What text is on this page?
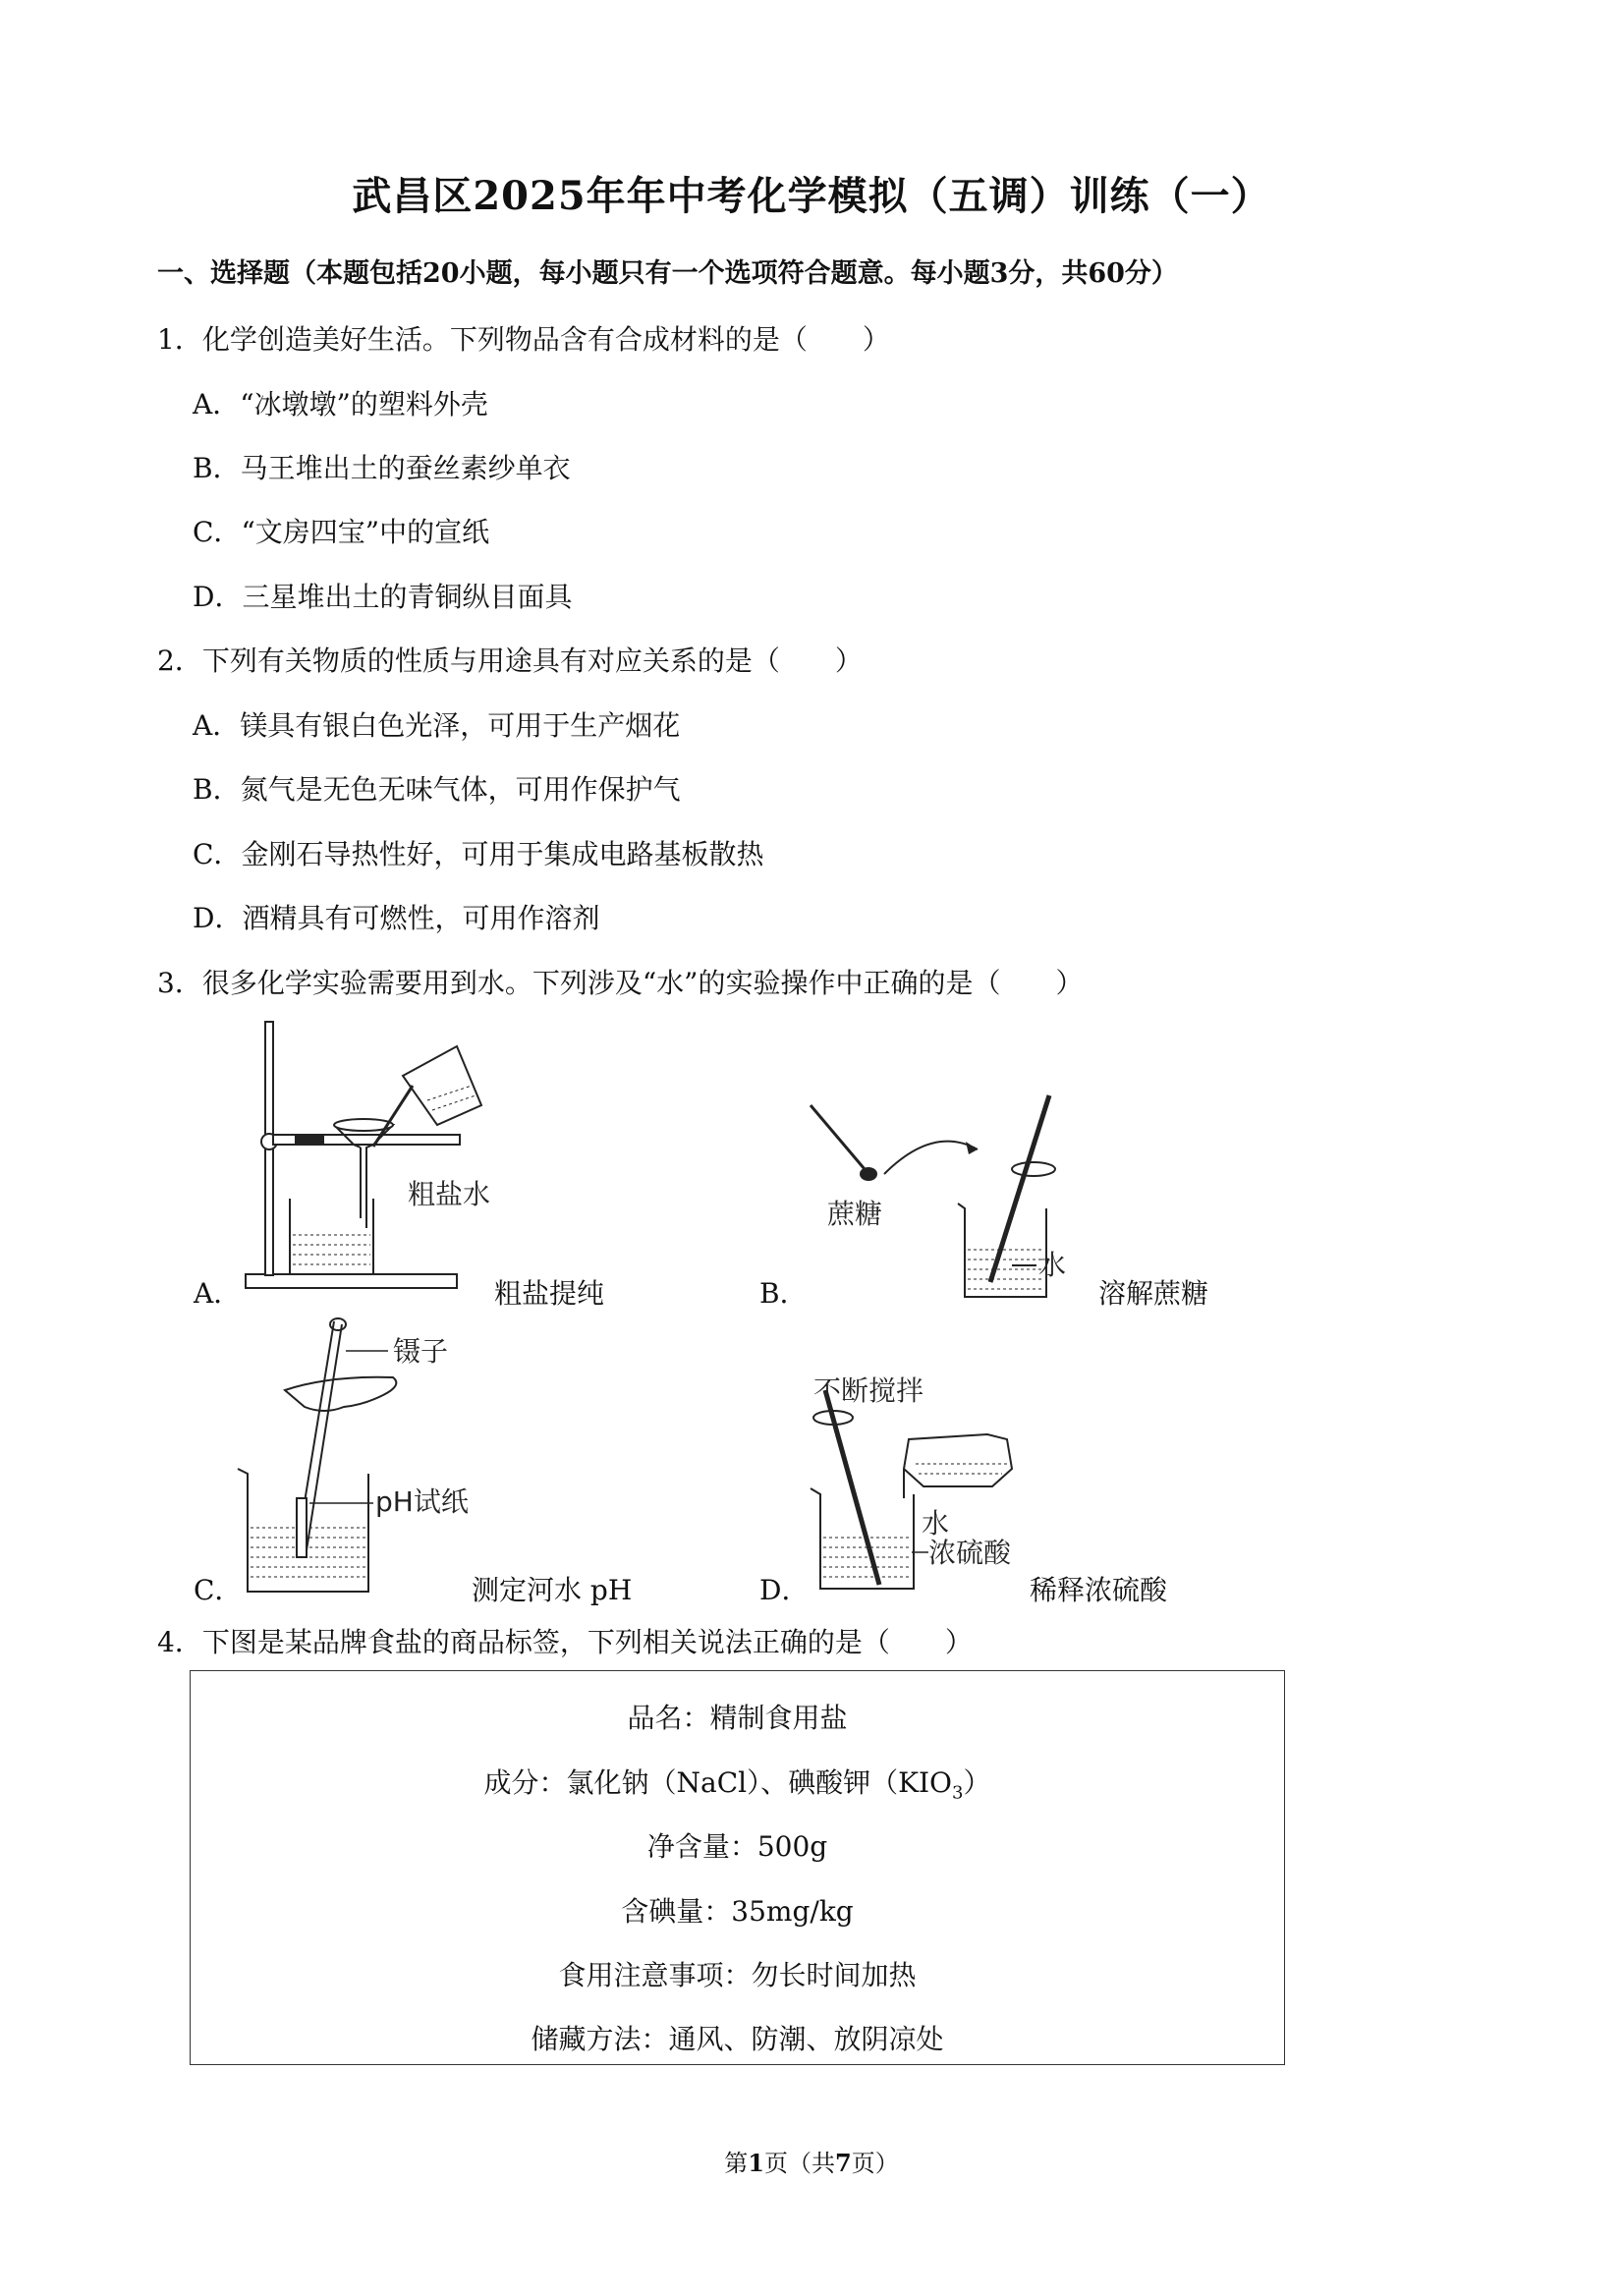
武昌区2025年年中考化学模拟（五调）训练（一）
一、选择题（本题包括20小题，每小题只有一个选项符合题意。每小题3分，共60分）
1．化学创造美好生活。下列物品含有合成材料的是（　　）
A．“冰墩墩”的塑料外壳
B．马王堆出土的蚕丝素纱单衣
C．“文房四宝”中的宣纸
D．三星堆出土的青铜纵目面具
2．下列有关物质的性质与用途具有对应关系的是（　　）
A．镁具有银白色光泽，可用于生产烟花
B．氮气是无色无味气体，可用作保护气
C．金刚石导热性好，可用于集成电路基板散热
D．酒精具有可燃性，可用作溶剂
3．很多化学实验需要用到水。下列涉及“水”的实验操作中正确的是（　　）
粗盐水
A．	粗盐提纯
蔗糖
水
B．	溶解蔗糖
镊子
pH试纸
C．	测定河水 pH
不断搅拌
水
浓硫酸
D．	稀释浓硫酸
4．下图是某品牌食盐的商品标签，下列相关说法正确的是（　　）
品名：精制食用盐
成分：氯化钠（NaCl）、碘酸钾$(KIO_3)$
净含量：500g
含碘量：35mg/kg
食用注意事项：勿长时间加热
储藏方法：通风、防潮、放阴凉处
第1页（共7页）
